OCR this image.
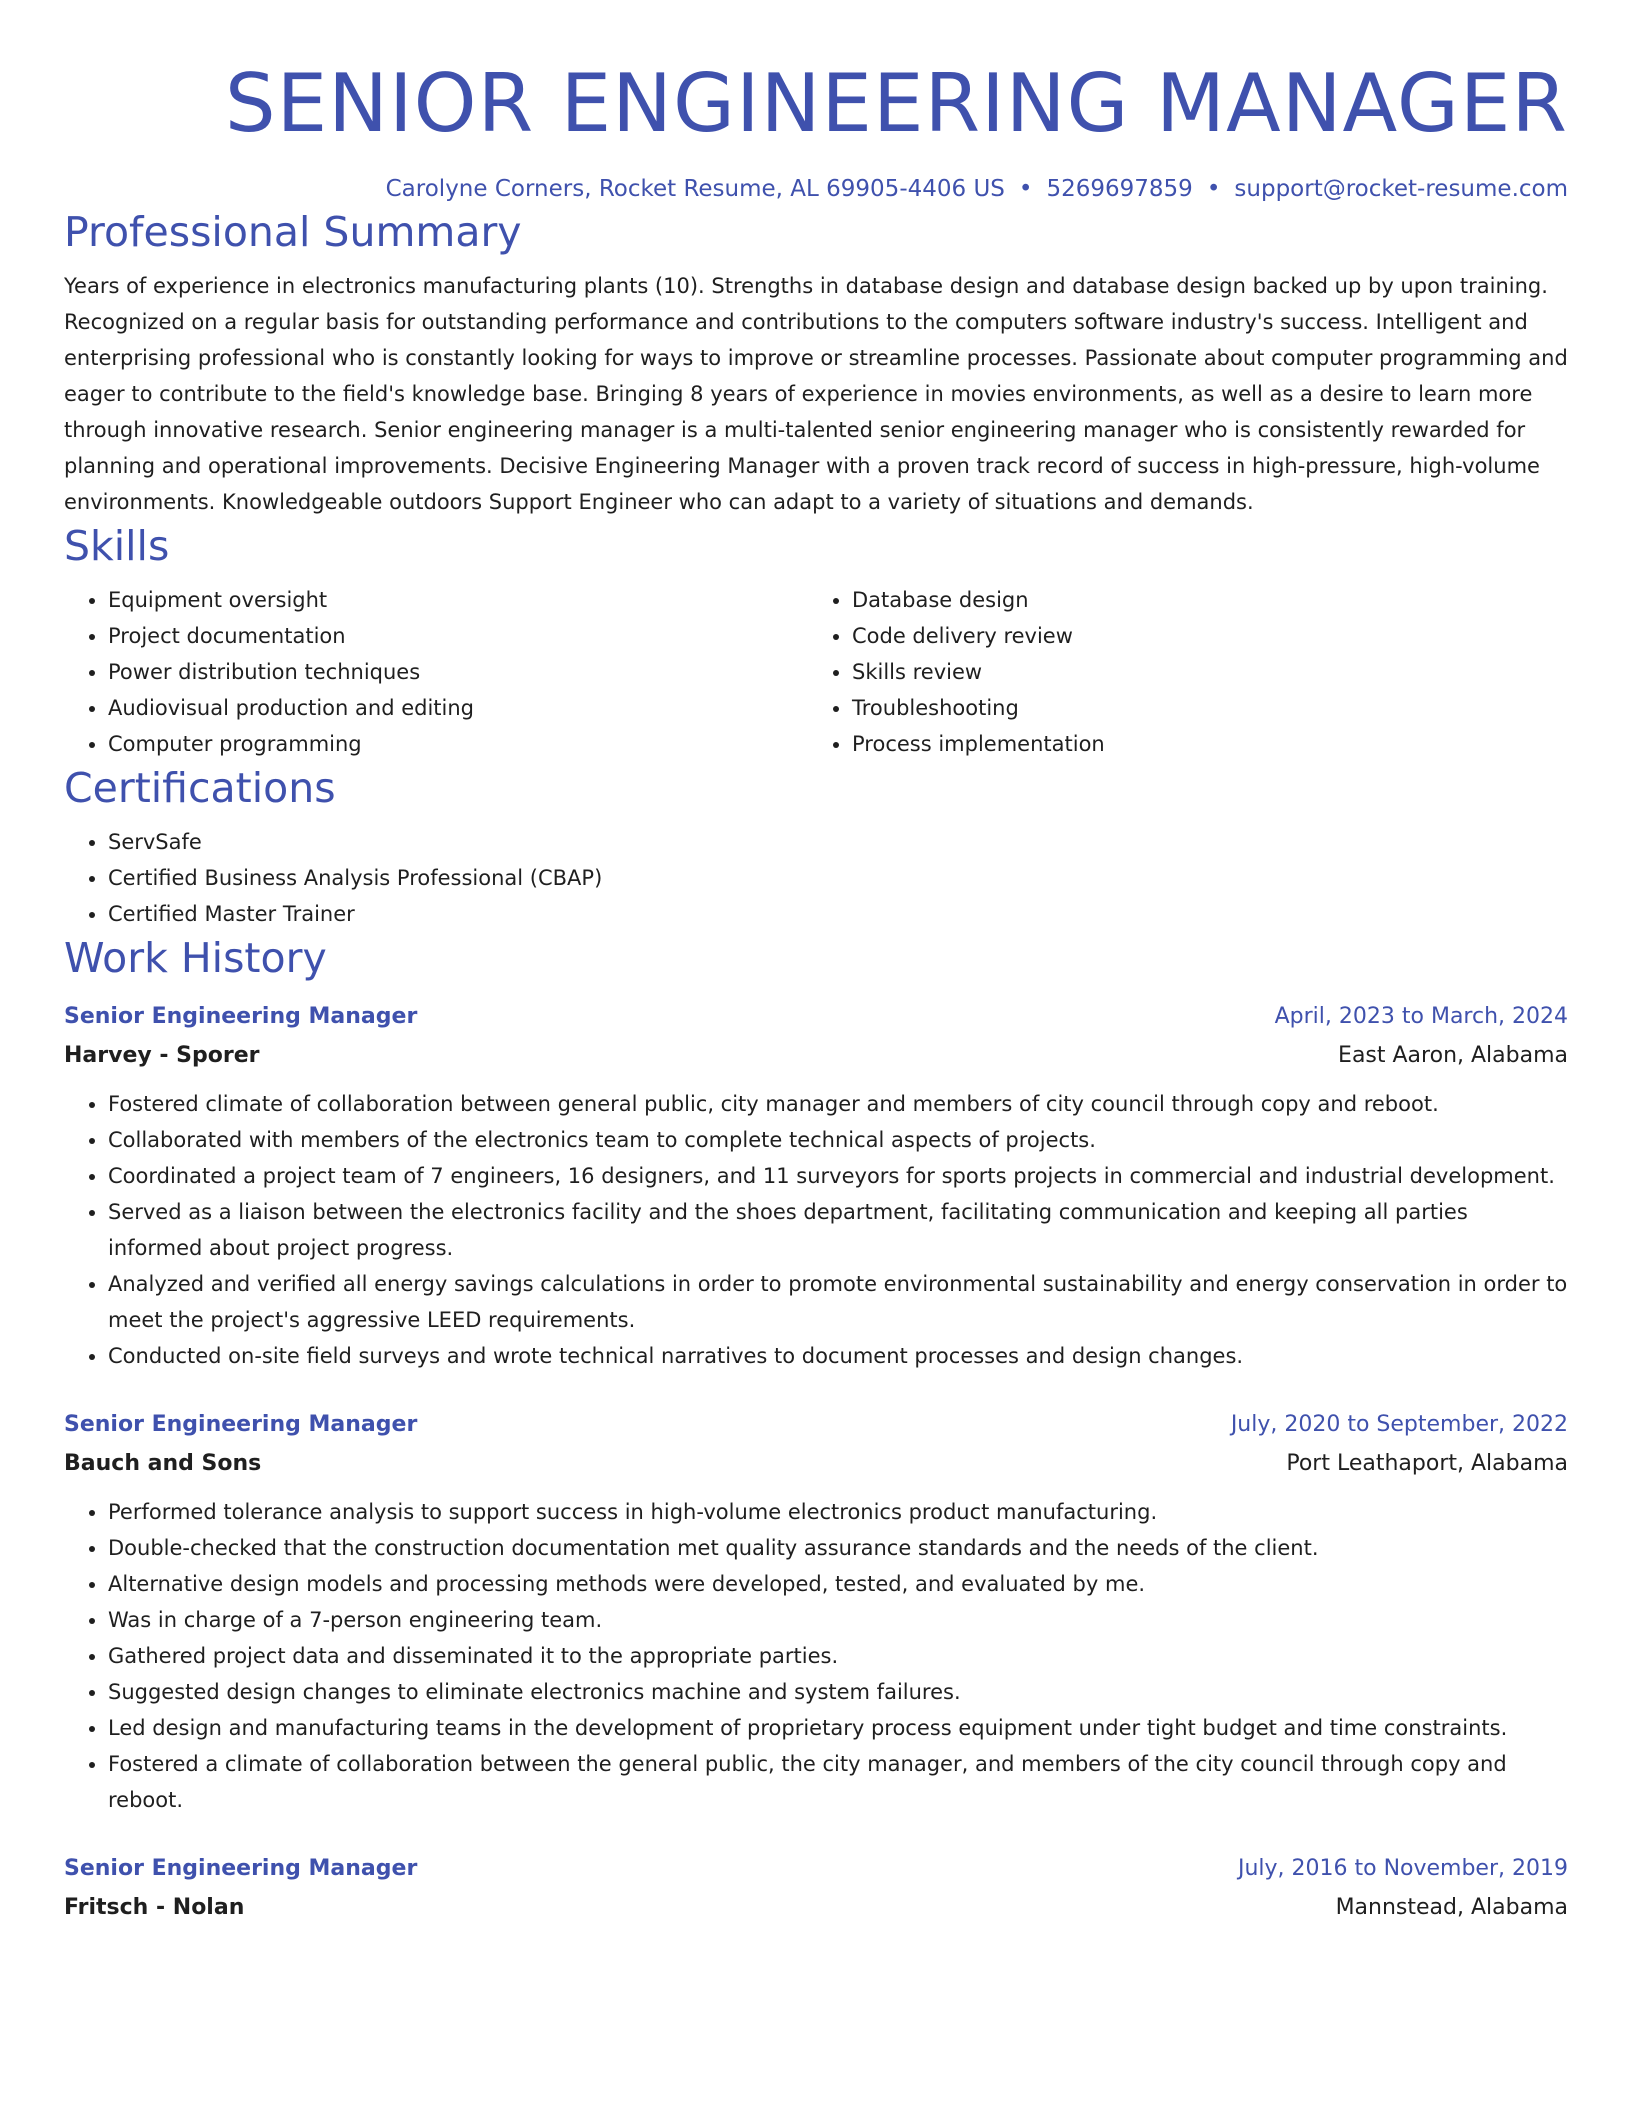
SENIOR ENGINEERING MANAGER
Carolyne Corners, Rocket Resume, AL 69905-4406 US • 5269697859 • support@rocket-resume.com
Professional Summary
Years of experience in electronics manufacturing plants (10). Strengths in database design and database design backed up by upon training. Recognized on a regular basis for outstanding performance and contributions to the computers software industry's success. Intelligent and enterprising professional who is constantly looking for ways to improve or streamline processes. Passionate about computer programming and eager to contribute to the field's knowledge base. Bringing 8 years of experience in movies environments, as well as a desire to learn more through innovative research. Senior engineering manager is a multi-talented senior engineering manager who is consistently rewarded for planning and operational improvements. Decisive Engineering Manager with a proven track record of success in high-pressure, high-volume environments. Knowledgeable outdoors Support Engineer who can adapt to a variety of situations and demands.
Skills
• Equipment oversight
• Project documentation
• Power distribution techniques
• Audiovisual production and editing
• Computer programming
• Database design
• Code delivery review
• Skills review
• Troubleshooting
• Process implementation
Certifications
• ServSafe
• Certified Business Analysis Professional (CBAP)
• Certified Master Trainer
Work History
Senior Engineering Manager	April, 2023 to March, 2024
Harvey - Sporer	East Aaron, Alabama
• Fostered climate of collaboration between general public, city manager and members of city council through copy and reboot.
• Collaborated with members of the electronics team to complete technical aspects of projects.
• Coordinated a project team of 7 engineers, 16 designers, and 11 surveyors for sports projects in commercial and industrial development.
• Served as a liaison between the electronics facility and the shoes department, facilitating communication and keeping all parties informed about project progress.
• Analyzed and verified all energy savings calculations in order to promote environmental sustainability and energy conservation in order to meet the project's aggressive LEED requirements.
• Conducted on-site field surveys and wrote technical narratives to document processes and design changes.
Senior Engineering Manager	July, 2020 to September, 2022
Bauch and Sons	Port Leathaport, Alabama
• Performed tolerance analysis to support success in high-volume electronics product manufacturing.
• Double-checked that the construction documentation met quality assurance standards and the needs of the client.
• Alternative design models and processing methods were developed, tested, and evaluated by me.
• Was in charge of a 7-person engineering team.
• Gathered project data and disseminated it to the appropriate parties.
• Suggested design changes to eliminate electronics machine and system failures.
• Led design and manufacturing teams in the development of proprietary process equipment under tight budget and time constraints.
• Fostered a climate of collaboration between the general public, the city manager, and members of the city council through copy and reboot.
Senior Engineering Manager	July, 2016 to November, 2019
Fritsch - Nolan	Mannstead, Alabama
